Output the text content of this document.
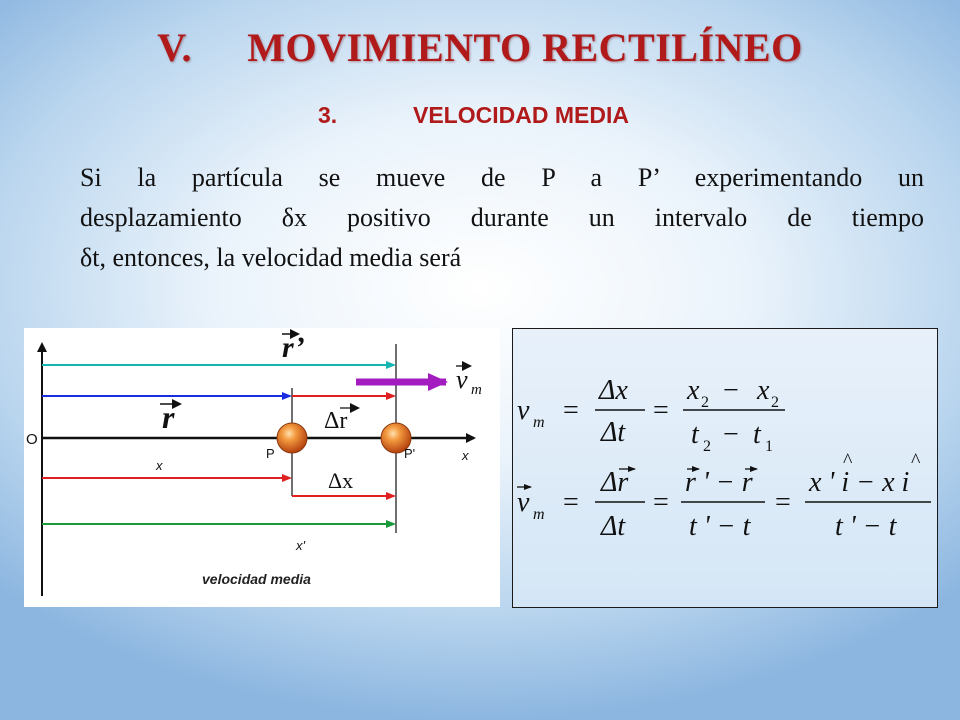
V. MOVIMIENTO RECTILÍNEO
3.	VELOCIDAD MEDIA
Si la partícula se mueve de P a P’ experimentando un
desplazamiento δx positivo durante un intervalo de tiempo
δt, entonces, la velocidad media será
O
r’
r	Δr
v m
P	P'	x
x
Δx
x'
velocidad media
v m =
Δx
Δt
=
x 2 − x 2
t 2 − t 1
v m =
Δr
Δt
=
r ' − r
t ' − t
=
^	^
x ' i − x i
t ' − t
